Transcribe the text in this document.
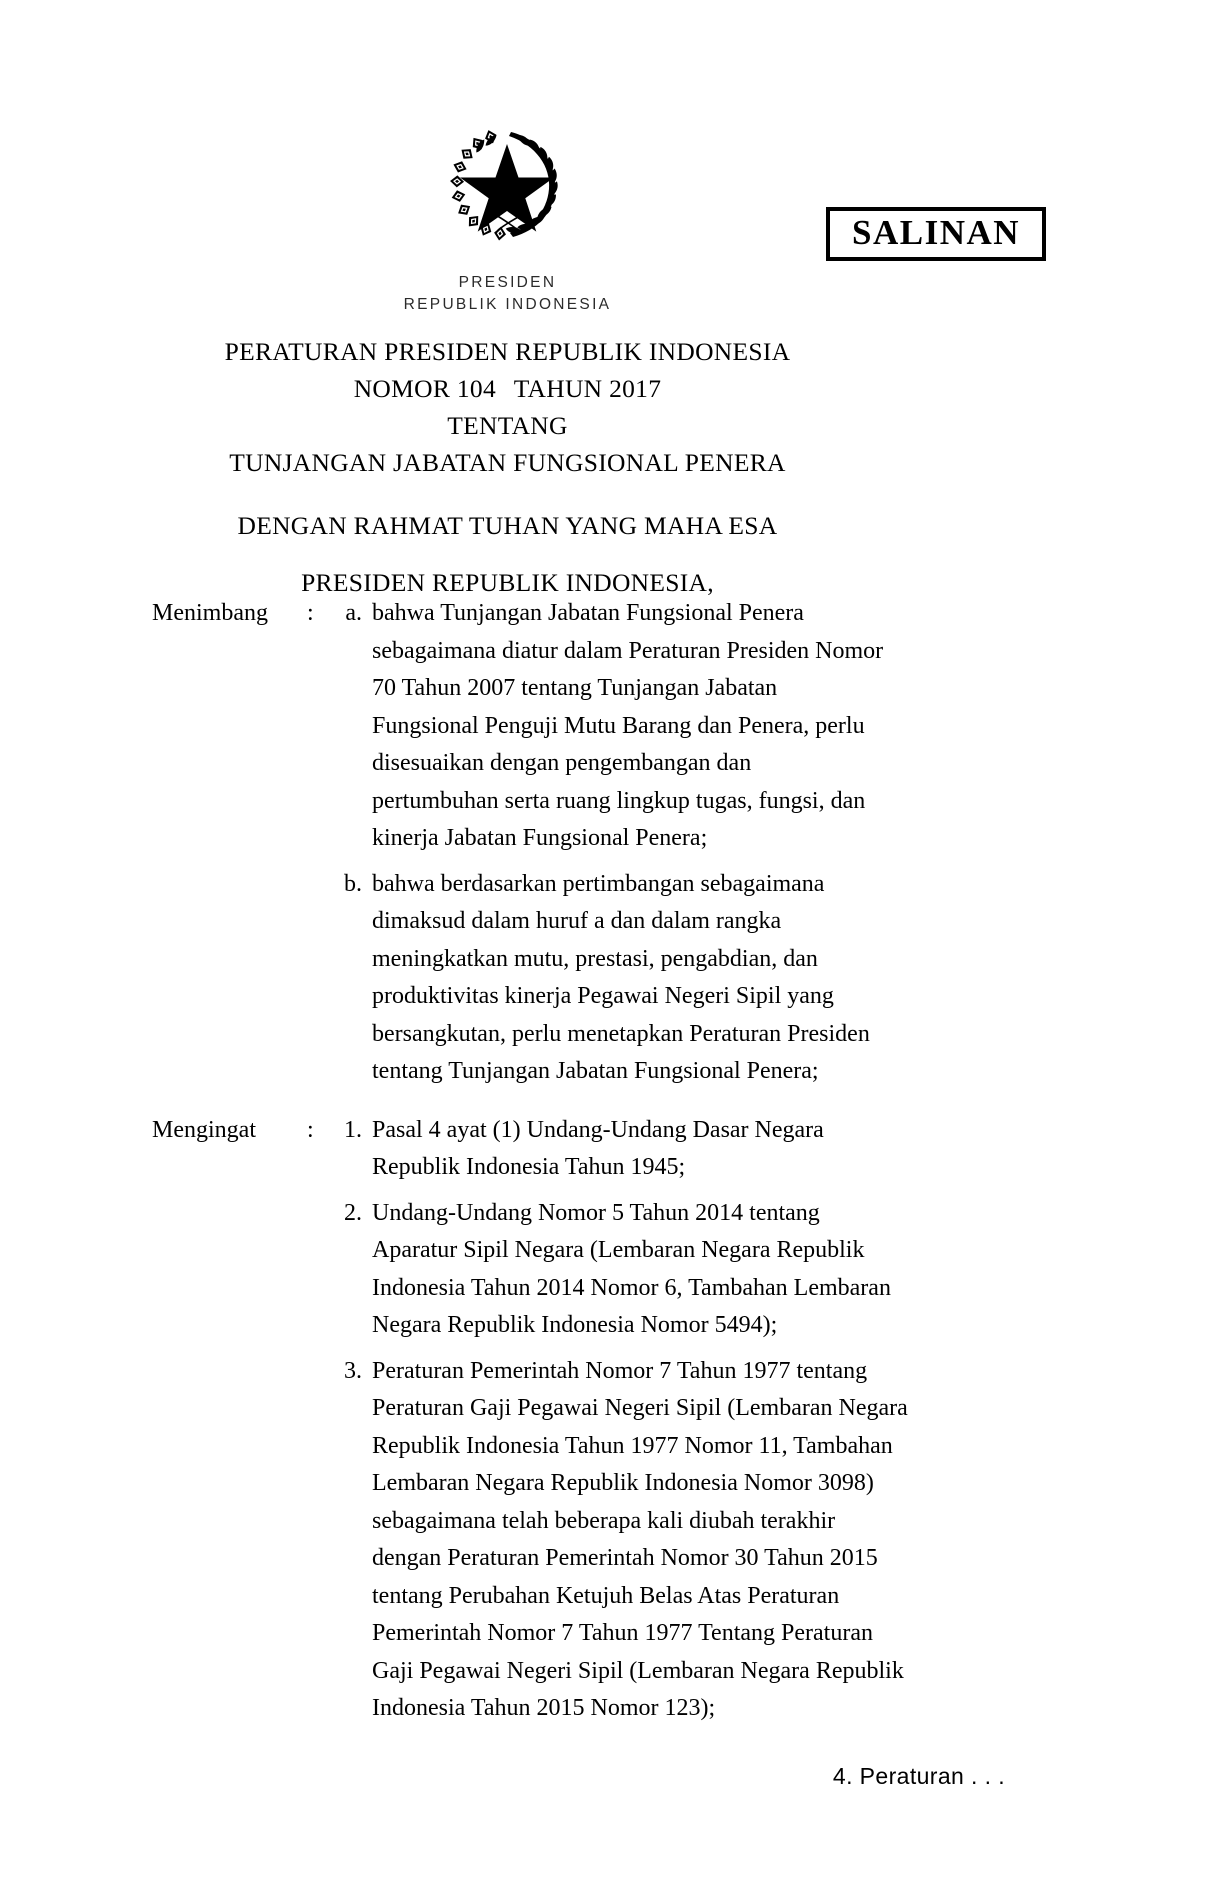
SALINAN
PRESIDEN
REPUBLIK INDONESIA
PERATURAN PRESIDEN REPUBLIK INDONESIA
NOMOR 104 TAHUN 2017
TENTANG
TUNJANGAN JABATAN FUNGSIONAL PENERA
DENGAN RAHMAT TUHAN YANG MAHA ESA
PRESIDEN REPUBLIK INDONESIA,
Menimbang	:	a. bahwa Tunjangan Jabatan Fungsional Penera

sebagaimana diatur dalam Peraturan Presiden Nomor

70 Tahun 2007 tentang Tunjangan Jabatan

Fungsional Penguji Mutu Barang dan Penera, perlu

disesuaikan dengan pengembangan dan

pertumbuhan serta ruang lingkup tugas, fungsi, dan

kinerja Jabatan Fungsional Penera;

b. bahwa berdasarkan pertimbangan sebagaimana

dimaksud dalam huruf a dan dalam rangka

meningkatkan mutu, prestasi, pengabdian, dan

produktivitas kinerja Pegawai Negeri Sipil yang

bersangkutan, perlu menetapkan Peraturan Presiden

tentang Tunjangan Jabatan Fungsional Penera;

Mengingat	:	1. Pasal 4 ayat (1) Undang-Undang Dasar Negara

Republik Indonesia Tahun 1945;

2. Undang-Undang Nomor 5 Tahun 2014 tentang

Aparatur Sipil Negara (Lembaran Negara Republik

Indonesia Tahun 2014 Nomor 6, Tambahan Lembaran

Negara Republik Indonesia Nomor 5494);

3. Peraturan Pemerintah Nomor 7 Tahun 1977 tentang

Peraturan Gaji Pegawai Negeri Sipil (Lembaran Negara

Republik Indonesia Tahun 1977 Nomor 11, Tambahan

Lembaran Negara Republik Indonesia Nomor 3098)

sebagaimana telah beberapa kali diubah terakhir

dengan Peraturan Pemerintah Nomor 30 Tahun 2015

tentang Perubahan Ketujuh Belas Atas Peraturan

Pemerintah Nomor 7 Tahun 1977 Tentang Peraturan

Gaji Pegawai Negeri Sipil (Lembaran Negara Republik

Indonesia Tahun 2015 Nomor 123);

4. Peraturan . . .
